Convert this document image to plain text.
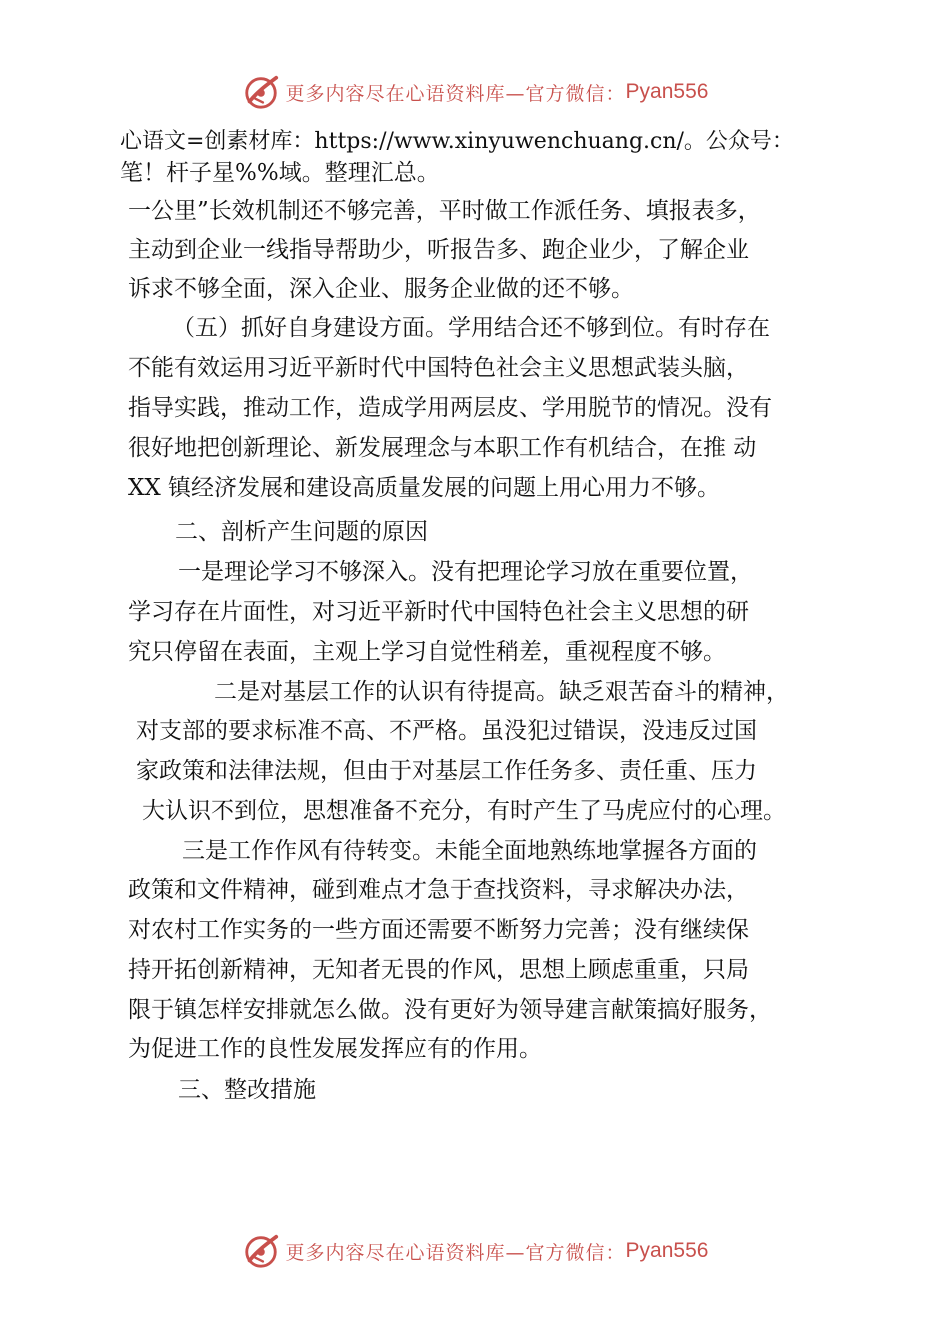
更多内容尽在心语资料库—官方微信： Pyan556
心语文=创素材库：https://www.xinyuwenchuang.cn/。公众号：
笔！杆子星%%域。整理汇总。
一公里”长效机制还不够完善，平时做工作派任务、填报表多，
主动到企业一线指导帮助少，听报告多、跑企业少，了解企业
诉求不够全面，深入企业、服务企业做的还不够。
（五）抓好自身建设方面。学用结合还不够到位。有时存在
不能有效运用习近平新时代中国特色社会主义思想武装头脑，
指导实践，推动工作，造成学用两层皮、学用脱节的情况。没有
很好地把创新理论、新发展理念与本职工作有机结合，在推 动
XX 镇经济发展和建设高质量发展的问题上用心用力不够。
二、剖析产生问题的原因
一是理论学习不够深入。没有把理论学习放在重要位置，
学习存在片面性，对习近平新时代中国特色社会主义思想的研
究只停留在表面，主观上学习自觉性稍差，重视程度不够。
二是对基层工作的认识有待提高。缺乏艰苦奋斗的精神，
对支部的要求标准不高、不严格。虽没犯过错误，没违反过国
家政策和法律法规，但由于对基层工作任务多、责任重、压力
大认识不到位，思想准备不充分，有时产生了马虎应付的心理。
三是工作作风有待转变。未能全面地熟练地掌握各方面的
政策和文件精神，碰到难点才急于查找资料，寻求解决办法，
对农村工作实务的一些方面还需要不断努力完善；没有继续保
持开拓创新精神，无知者无畏的作风，思想上顾虑重重，只局
限于镇怎样安排就怎么做。没有更好为领导建言献策搞好服务，
为促进工作的良性发展发挥应有的作用。
三、整改措施
更多内容尽在心语资料库—官方微信： Pyan556
